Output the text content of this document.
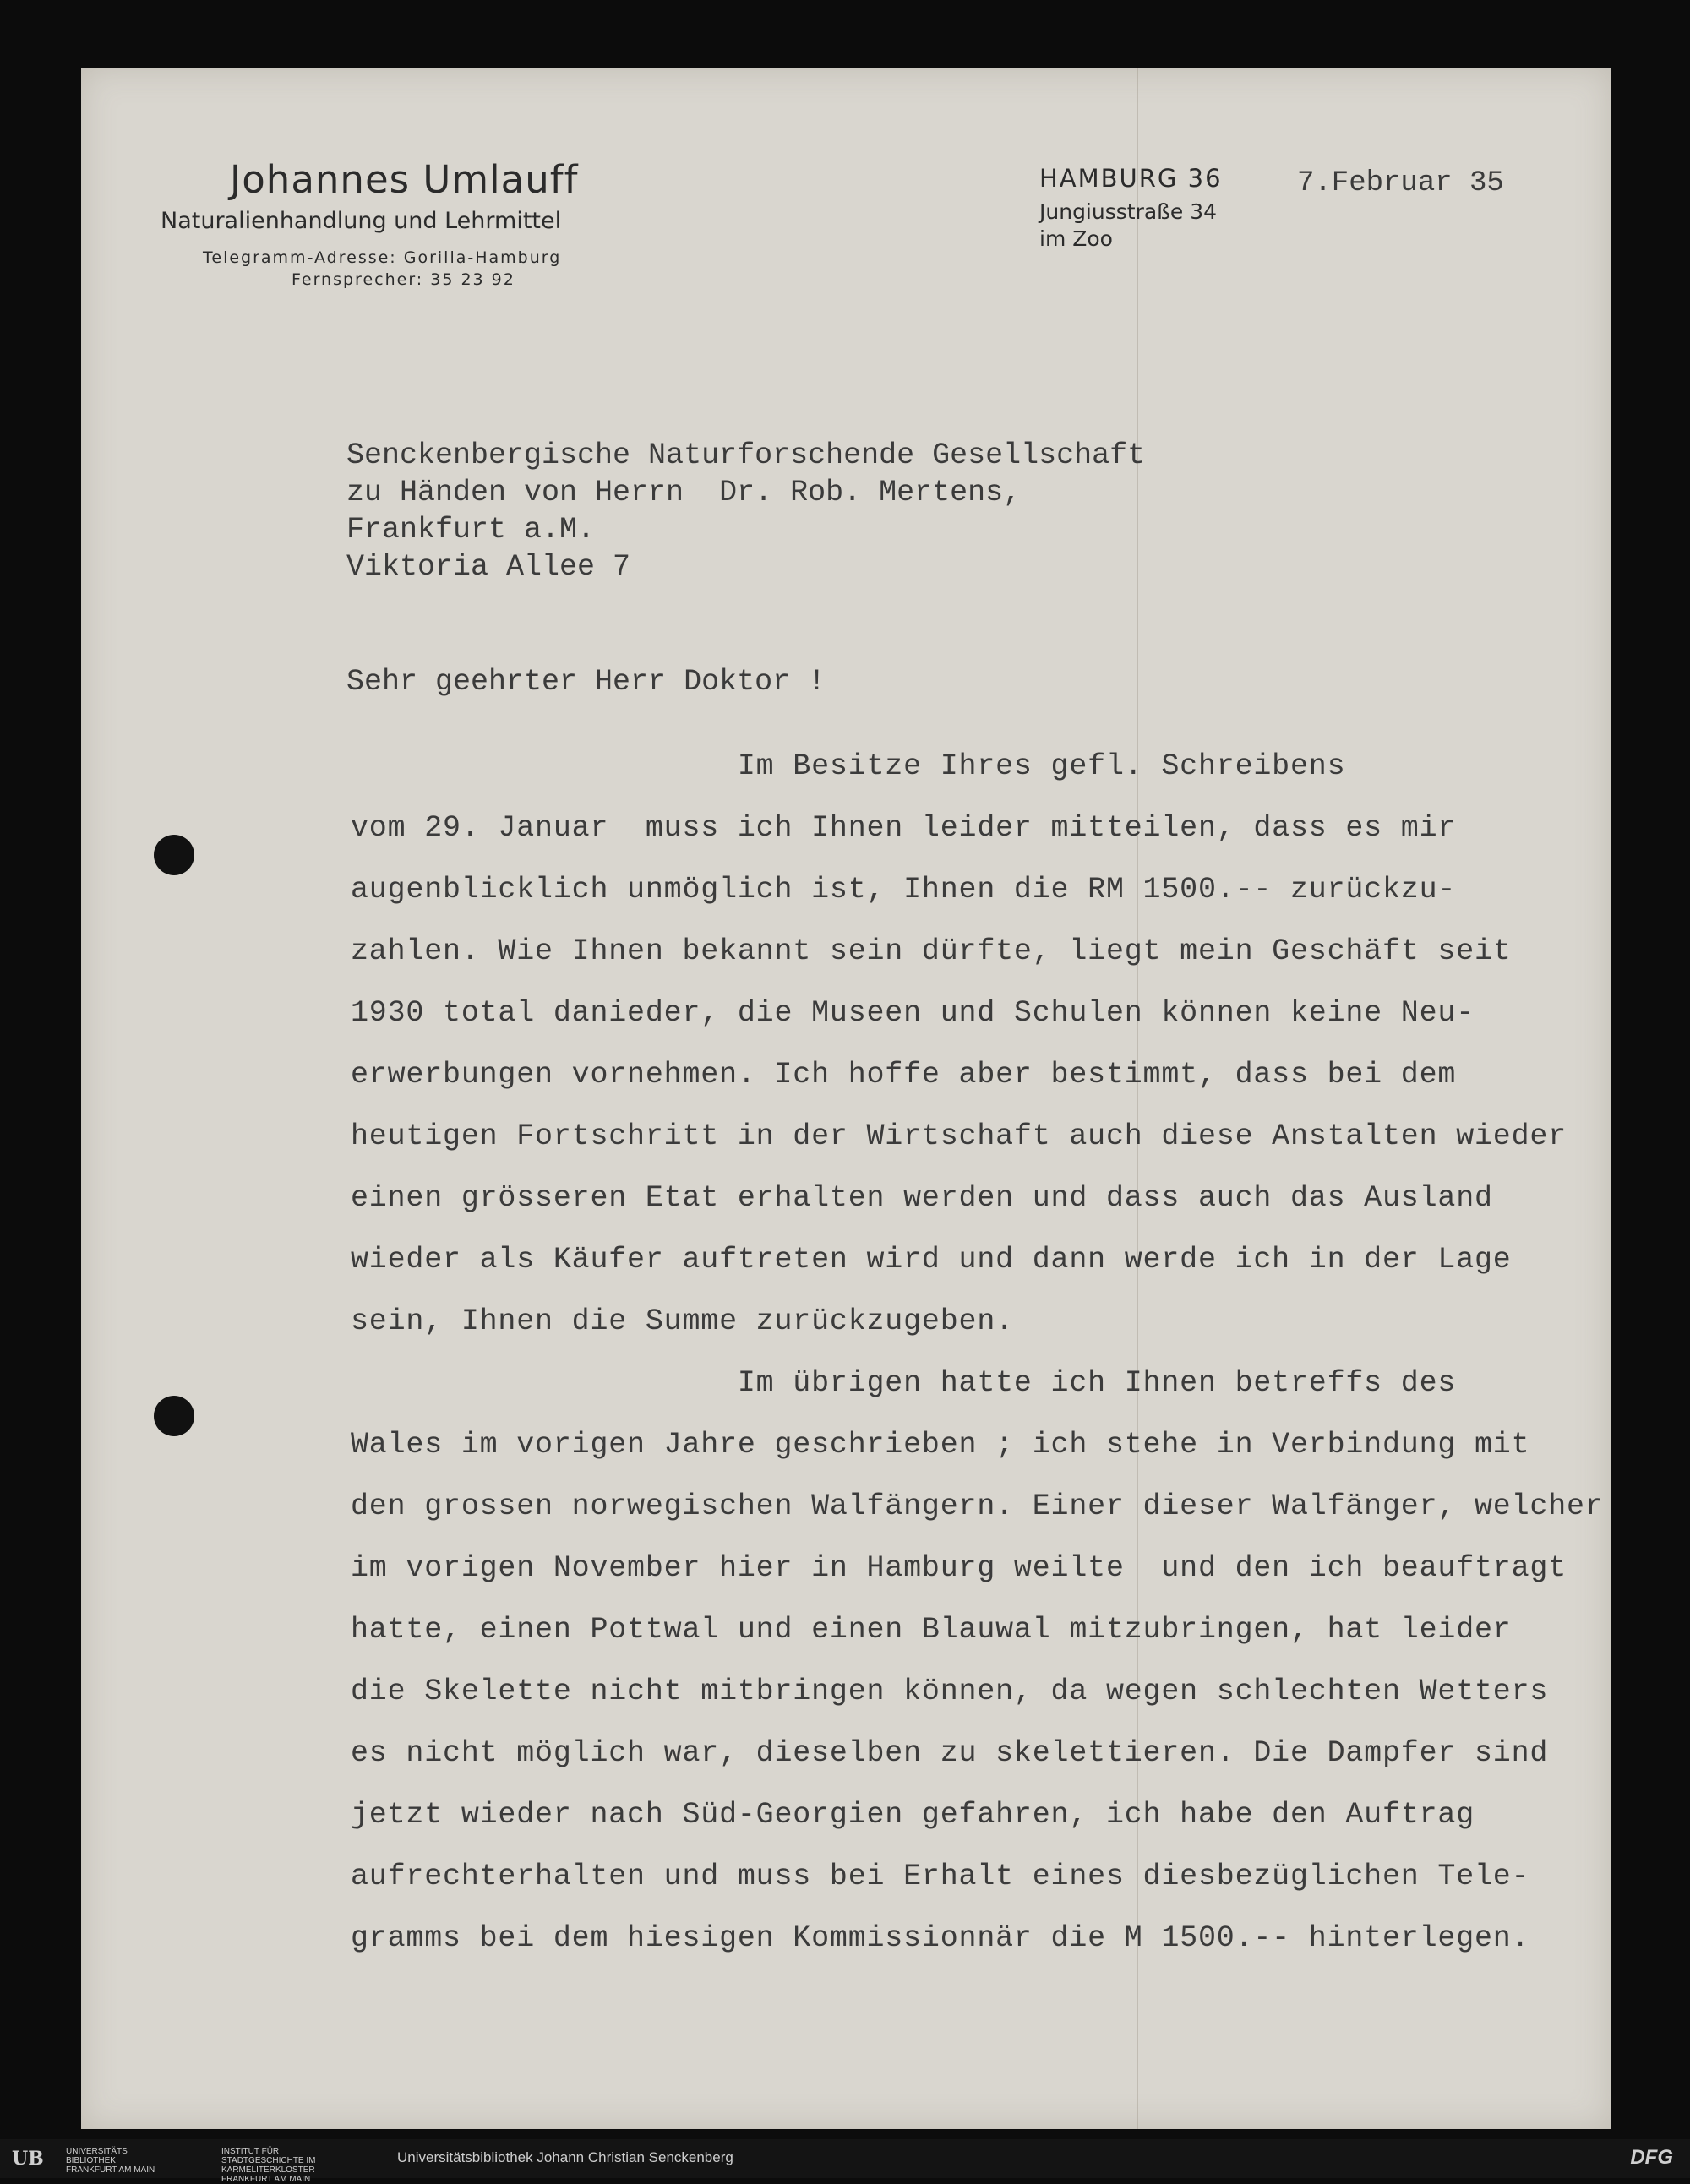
Johannes Umlauff
Naturalienhandlung und Lehrmittel
Telegramm-Adresse: Gorilla-Hamburg
Fernsprecher: 35 23 92
HAMBURG 36
Jungiusstraße 34
im Zoo
7.Februar 35
Senckenbergische Naturforschende Gesellschaft
zu Händen von Herrn  Dr. Rob. Mertens,
Frankfurt a.M.
Viktoria Allee 7
Sehr geehrter Herr Doktor !
Im Besitze Ihres gefl. Schreibens
vom 29. Januar  muss ich Ihnen leider mitteilen, dass es mir
augenblicklich unmöglich ist, Ihnen die RM 1500.-- zurückzu-
zahlen. Wie Ihnen bekannt sein dürfte, liegt mein Geschäft seit
1930 total danieder, die Museen und Schulen können keine Neu-
erwerbungen vornehmen. Ich hoffe aber bestimmt, dass bei dem
heutigen Fortschritt in der Wirtschaft auch diese Anstalten wieder
einen grösseren Etat erhalten werden und dass auch das Ausland
wieder als Käufer auftreten wird und dann werde ich in der Lage
sein, Ihnen die Summe zurückzugeben.
Im übrigen hatte ich Ihnen betreffs des
Wales im vorigen Jahre geschrieben ; ich stehe in Verbindung mit
den grossen norwegischen Walfängern. Einer dieser Walfänger, welcher
im vorigen November hier in Hamburg weilte  und den ich beauftragt
hatte, einen Pottwal und einen Blauwal mitzubringen, hat leider
die Skelette nicht mitbringen können, da wegen schlechten Wetters
es nicht möglich war, dieselben zu skelettieren. Die Dampfer sind
jetzt wieder nach Süd-Georgien gefahren, ich habe den Auftrag
aufrechterhalten und muss bei Erhalt eines diesbezüglichen Tele-
gramms bei dem hiesigen Kommissionnär die M 1500.-- hinterlegen.
UB	UNIVERSITÄTS BIBLIOTHEK FRANKFURT AM MAIN
INSTITUT FÜR STADTGESCHICHTE IM KARMELITERKLOSTER FRANKFURT AM MAIN
Universitätsbibliothek Johann Christian Senckenberg	DFG
